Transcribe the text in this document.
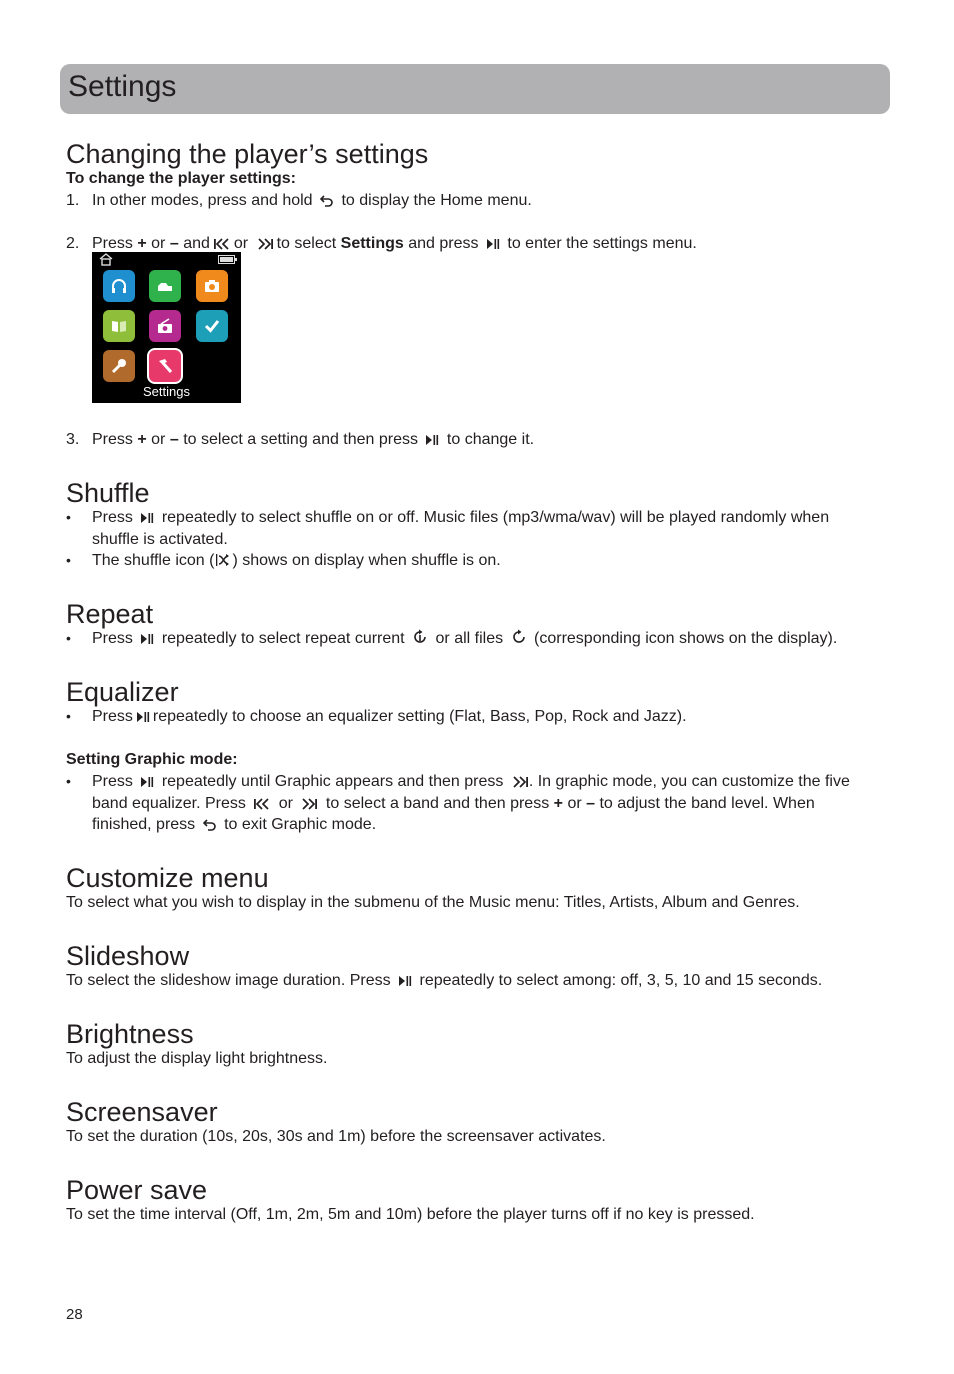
Settings
Changing the player’s settings
To change the player settings:
1. In other modes, press and hold to display the Home menu.
2. Press + or – and or to select Settings and press to enter the settings menu.
Settings
3. Press + or – to select a setting and then press to change it.
Shuffle
• Press repeatedly to select shuffle on or off. Music files (mp3/wma/wav) will be played randomly when
shuffle is activated.
• The shuffle icon ( ) shows on display when shuffle is on.
Repeat
• Press repeatedly to select repeat current or all files (corresponding icon shows on the display).
Equalizer
• Press repeatedly to choose an equalizer setting (Flat, Bass, Pop, Rock and Jazz).
Setting Graphic mode:
• Press repeatedly until Graphic appears and then press . In graphic mode, you can customize the five
band equalizer. Press or to select a band and then press + or – to adjust the band level. When
finished, press to exit Graphic mode.
Customize menu
To select what you wish to display in the submenu of the Music menu: Titles, Artists, Album and Genres.
Slideshow
To select the slideshow image duration. Press repeatedly to select among: off, 3, 5, 10 and 15 seconds.
Brightness
To adjust the display light brightness.
Screensaver
To set the duration (10s, 20s, 30s and 1m) before the screensaver activates.
Power save
To set the time interval (Off, 1m, 2m, 5m and 10m) before the player turns off if no key is pressed.
28
